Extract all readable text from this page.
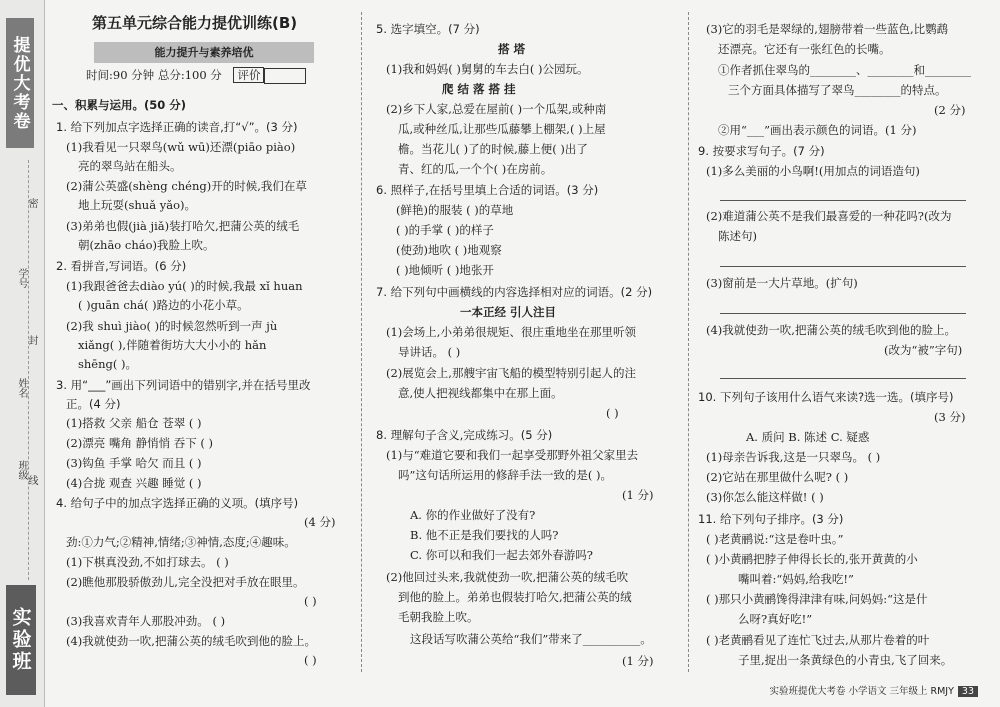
提优大考卷
班级
姓名
学号
密
封
线
实验班
第五单元综合能力提优训练(B)
能力提升与素养培优
时间:90 分钟 总分:100 分 评价
一、积累与运用。(50 分)
1. 给下列加点字选择正确的读音,打“√”。(3 分)
(1)我看见一只翠鸟(wǔ wū)还漂(piāo piào)
亮的翠鸟站在船头。
(2)蒲公英盛(shèng chéng)开的时候,我们在草
地上玩耍(shuǎ yǎo)。
(3)弟弟也假(jià jiǎ)装打哈欠,把蒲公英的绒毛
朝(zhāo cháo)我脸上吹。
2. 看拼音,写词语。(6 分)
(1)我跟爸爸去diào yú( )的时候,我最 xǐ huan
( )guān chá( )路边的小花小草。
(2)我 shuì jiào( )的时候忽然听到一声 jù
xiǎng( ),伴随着街坊大大小小的 hǎn
shēng( )。
3. 用“___”画出下列词语中的错别字,并在括号里改
正。(4 分)
(1)搭救 父亲 船仓 苍翠 ( )
(2)漂亮 嘴角 静悄悄 吞下 ( )
(3)钩鱼 手掌 哈欠 而且 ( )
(4)合拢 观查 兴趣 睡觉 ( )
4. 给句子中的加点字选择正确的义项。(填序号)
(4 分)
劲:①力气;②精神,情绪;③神情,态度;④趣味。
(1)下棋真没劲,不如打球去。 ( )
(2)瞧他那股骄傲劲儿,完全没把对手放在眼里。
( )
(3)我喜欢青年人那股冲劲。 ( )
(4)我就使劲一吹,把蒲公英的绒毛吹到他的脸上。
( )
5. 选字填空。(7 分)
搭 塔
(1)我和妈妈( )舅舅的车去白( )公园玩。
爬 结 落 搭 挂
(2)乡下人家,总爱在屋前( )一个瓜架,或种南
瓜,或种丝瓜,让那些瓜藤攀上棚架,( )上屋
檐。当花儿( )了的时候,藤上便( )出了
青、红的瓜,一个个( )在房前。
6. 照样子,在括号里填上合适的词语。(3 分)
(鲜艳)的服装 ( )的草地
( )的手掌 ( )的样子
(使劲)地吹 ( )地观察
( )地倾听 ( )地张开
7. 给下列句中画横线的内容选择相对应的词语。(2 分)
一本正经 引人注目
(1)会场上,小弟弟很规矩、很庄重地坐在那里听领
导讲话。 ( )
(2)展览会上,那艘宇宙飞船的模型特别引起人的注
意,使人把视线都集中在那上面。
( )
8. 理解句子含义,完成练习。(5 分)
(1)与“难道它要和我们一起享受那野外祖父家里去
吗”这句话所运用的修辞手法一致的是( )。
(1 分)
A. 你的作业做好了没有?
B. 他不正是我们要找的人吗?
C. 你可以和我们一起去郊外春游吗?
(2)他回过头来,我就使劲一吹,把蒲公英的绒毛吹
到他的脸上。弟弟也假装打哈欠,把蒲公英的绒
毛朝我脸上吹。
这段话写吹蒲公英给“我们”带来了__________。
(1 分)
(3)它的羽毛是翠绿的,翅膀带着一些蓝色,比鹦鹉
还漂亮。它还有一张红色的长嘴。
①作者抓住翠鸟的________、________和________
三个方面具体描写了翠鸟________的特点。
(2 分)
②用“___”画出表示颜色的词语。(1 分)
9. 按要求写句子。(7 分)
(1)多么美丽的小鸟啊!(用加点的词语造句)
(2)难道蒲公英不是我们最喜爱的一种花吗?(改为
陈述句)
(3)窗前是一大片草地。(扩句)
(4)我就使劲一吹,把蒲公英的绒毛吹到他的脸上。
(改为“被”字句)
10. 下列句子该用什么语气来读?选一选。(填序号)
(3 分)
A. 质问 B. 陈述 C. 疑惑
(1)母亲告诉我,这是一只翠鸟。 ( )
(2)它站在那里做什么呢? ( )
(3)你怎么能这样做! ( )
11. 给下列句子排序。(3 分)
( )老黄鹂说:“这是卷叶虫。”
( )小黄鹂把脖子伸得长长的,张开黄黄的小
嘴叫着:“妈妈,给我吃!”
( )那只小黄鹂馋得津津有味,问妈妈:“这是什
么呀?真好吃!”
( )老黄鹂看见了连忙飞过去,从那片卷着的叶
子里,捉出一条黄绿色的小青虫,飞了回来。
实验班提优大考卷 小学语文 三年级上 RMJY 33
